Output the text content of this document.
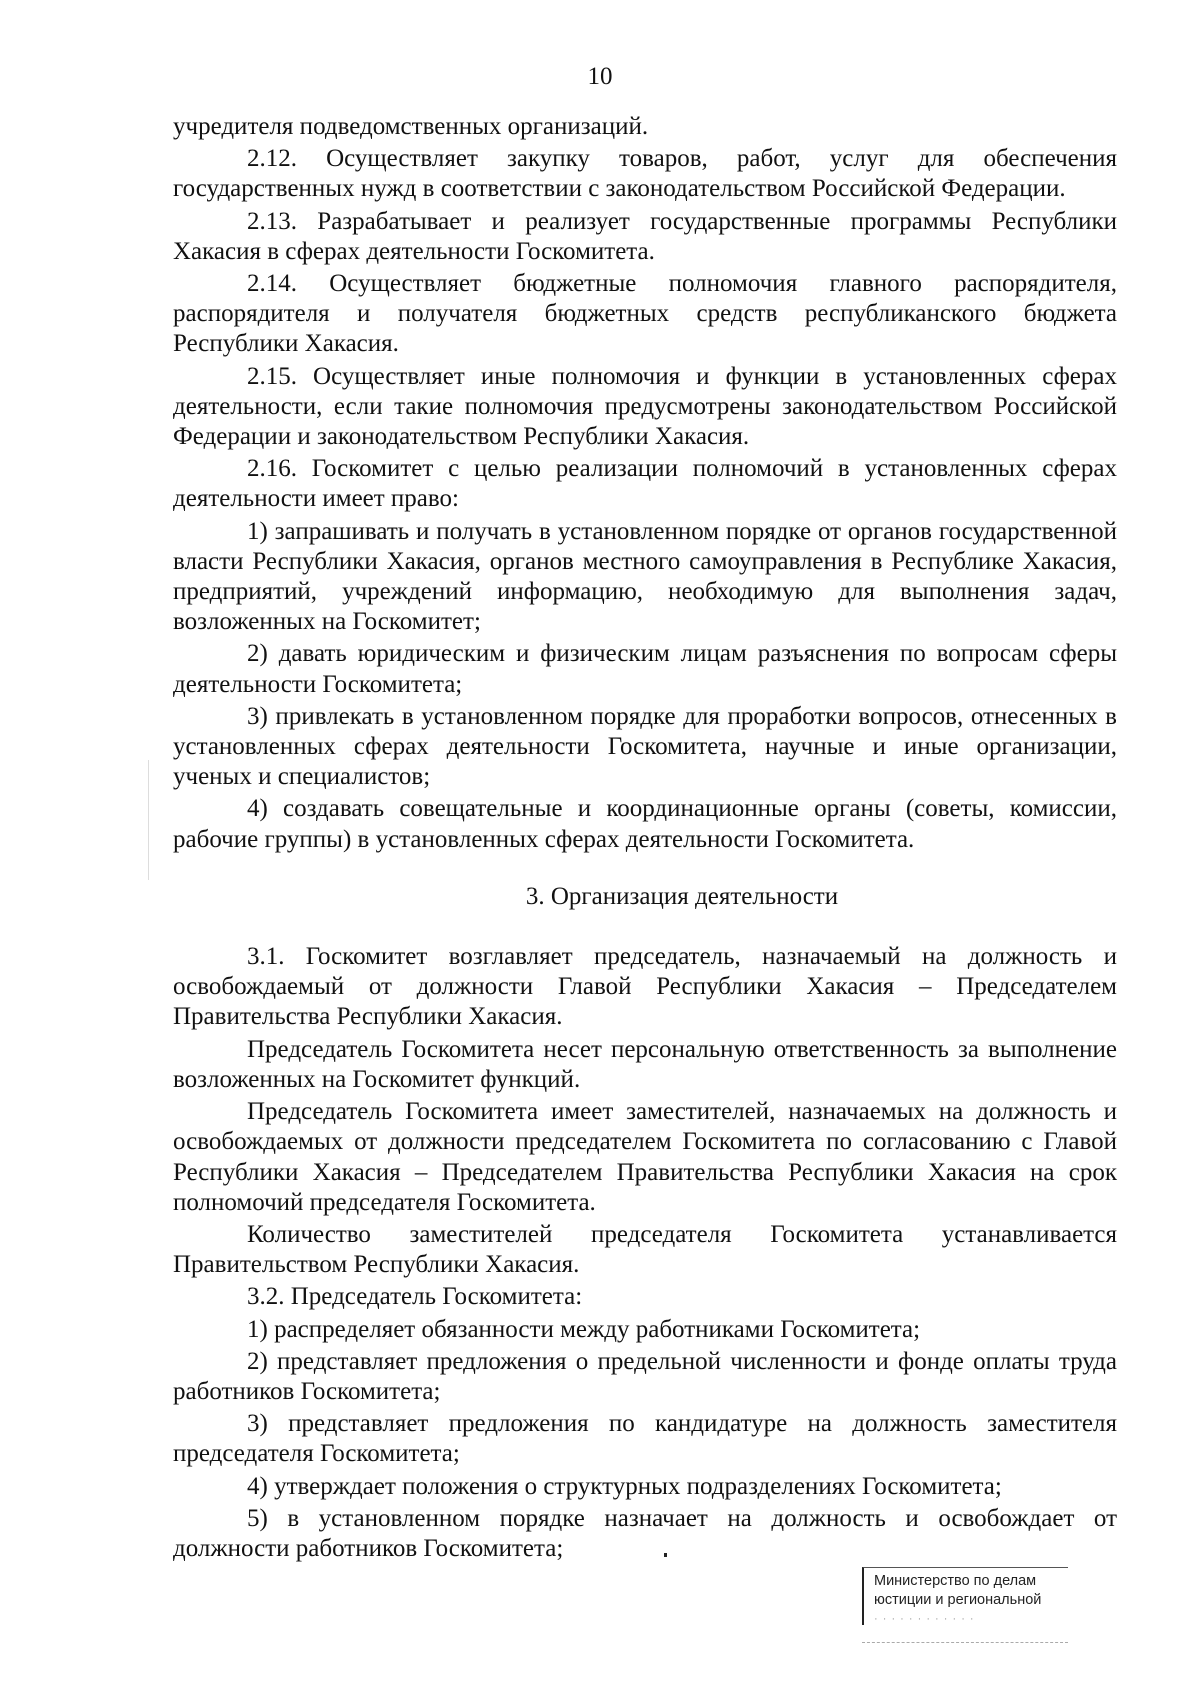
10

учредителя подведомственных организаций.

2.12. Осуществляет закупку товаров, работ, услуг для обеспечения государственных нужд в соответствии с законодательством Российской Федерации.

2.13. Разрабатывает и реализует государственные программы Республики Хакасия в сферах деятельности Госкомитета.

2.14. Осуществляет бюджетные полномочия главного распорядителя, распорядителя и получателя бюджетных средств республиканского бюджета Республики Хакасия.

2.15. Осуществляет иные полномочия и функции в установленных сферах деятельности, если такие полномочия предусмотрены законодательством Российской Федерации и законодательством Республики Хакасия.

2.16. Госкомитет с целью реализации полномочий в установленных сферах деятельности имеет право:

1) запрашивать и получать в установленном порядке от органов государственной власти Республики Хакасия, органов местного самоуправления в Республике Хакасия, предприятий, учреждений информацию, необходимую для выполнения задач, возложенных на Госкомитет;

2) давать юридическим и физическим лицам разъяснения по вопросам сферы деятельности Госкомитета;

3) привлекать в установленном порядке для проработки вопросов, отнесенных в установленных сферах деятельности Госкомитета, научные и иные организации, ученых и специалистов;

4) создавать совещательные и координационные органы (советы, комиссии, рабочие группы) в установленных сферах деятельности Госкомитета.

3. Организация деятельности

3.1. Госкомитет возглавляет председатель, назначаемый на должность и освобождаемый от должности Главой Республики Хакасия – Председателем Правительства Республики Хакасия.

Председатель Госкомитета несет персональную ответственность за выполнение возложенных на Госкомитет функций.

Председатель Госкомитета имеет заместителей, назначаемых на должность и освобождаемых от должности председателем Госкомитета по согласованию с Главой Республики Хакасия – Председателем Правительства Республики Хакасия на срок полномочий председателя Госкомитета.

Количество заместителей председателя Госкомитета устанавливается Правительством Республики Хакасия.

3.2. Председатель Госкомитета:

1) распределяет обязанности между работниками Госкомитета;

2) представляет предложения о предельной численности и фонде оплаты труда работников Госкомитета;

3) представляет предложения по кандидатуре на должность заместителя председателя Госкомитета;

4) утверждает положения о структурных подразделениях Госкомитета;

5) в установленном порядке назначает на должность и освобождает от должности работников Госкомитета;

Министерство по делам
юстиции и региональной
· · · · · · · · · · · ·
